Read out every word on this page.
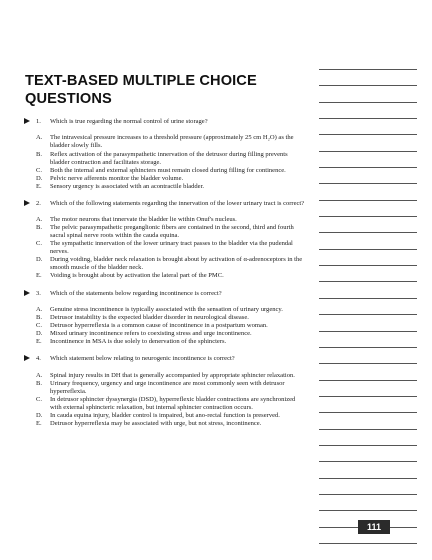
TEXT-BASED MULTIPLE CHOICE QUESTIONS
1. Which is true regarding the normal control of urine storage?
A. The intravesical pressure increases to a threshold pressure (approximately 25 cm H₂O) as the bladder slowly fills.
B. Reflex activation of the parasympathetic innervation of the detrusor during filling prevents bladder contraction and facilitates storage.
C. Both the internal and external sphincters must remain closed during filling for continence.
D. Pelvic nerve afferents monitor the bladder volume.
E. Sensory urgency is associated with an acontractile bladder.
2. Which of the following statements regarding the innervation of the lower urinary tract is correct?
A. The motor neurons that innervate the bladder lie within Onuf's nucleus.
B. The pelvic parasympathetic preganglionic fibers are contained in the second, third and fourth sacral spinal nerve roots within the cauda equina.
C. The sympathetic innervation of the lower urinary tract passes to the bladder via the pudendal nerves.
D. During voiding, bladder neck relaxation is brought about by activation of α-adrenoceptors in the smooth muscle of the bladder neck.
E. Voiding is brought about by activation the lateral part of the PMC.
3. Which of the statements below regarding incontinence is correct?
A. Genuine stress incontinence is typically associated with the sensation of urinary urgency.
B. Detrusor instability is the expected bladder disorder in neurological disease.
C. Detrusor hyperreflexia is a common cause of incontinence in a postpartum woman.
D. Mixed urinary incontinence refers to coexisting stress and urge incontinence.
E. Incontinence in MSA is due solely to denervation of the sphincters.
4. Which statement below relating to neurogenic incontinence is correct?
A. Spinal injury results in DH that is generally accompanied by appropriate sphincter relaxation.
B. Urinary frequency, urgency and urge incontinence are most commonly seen with detrusor hyperreflexia.
C. In detrusor sphincter dyssynergia (DSD), hyperreflexic bladder contractions are synchronized with external sphincteric relaxation, but internal sphincter contraction occurs.
D. In cauda equina injury, bladder control is impaired, but ano-rectal function is preserved.
E. Detrusor hyperreflexia may be associated with urge, but not stress, incontinence.
111
